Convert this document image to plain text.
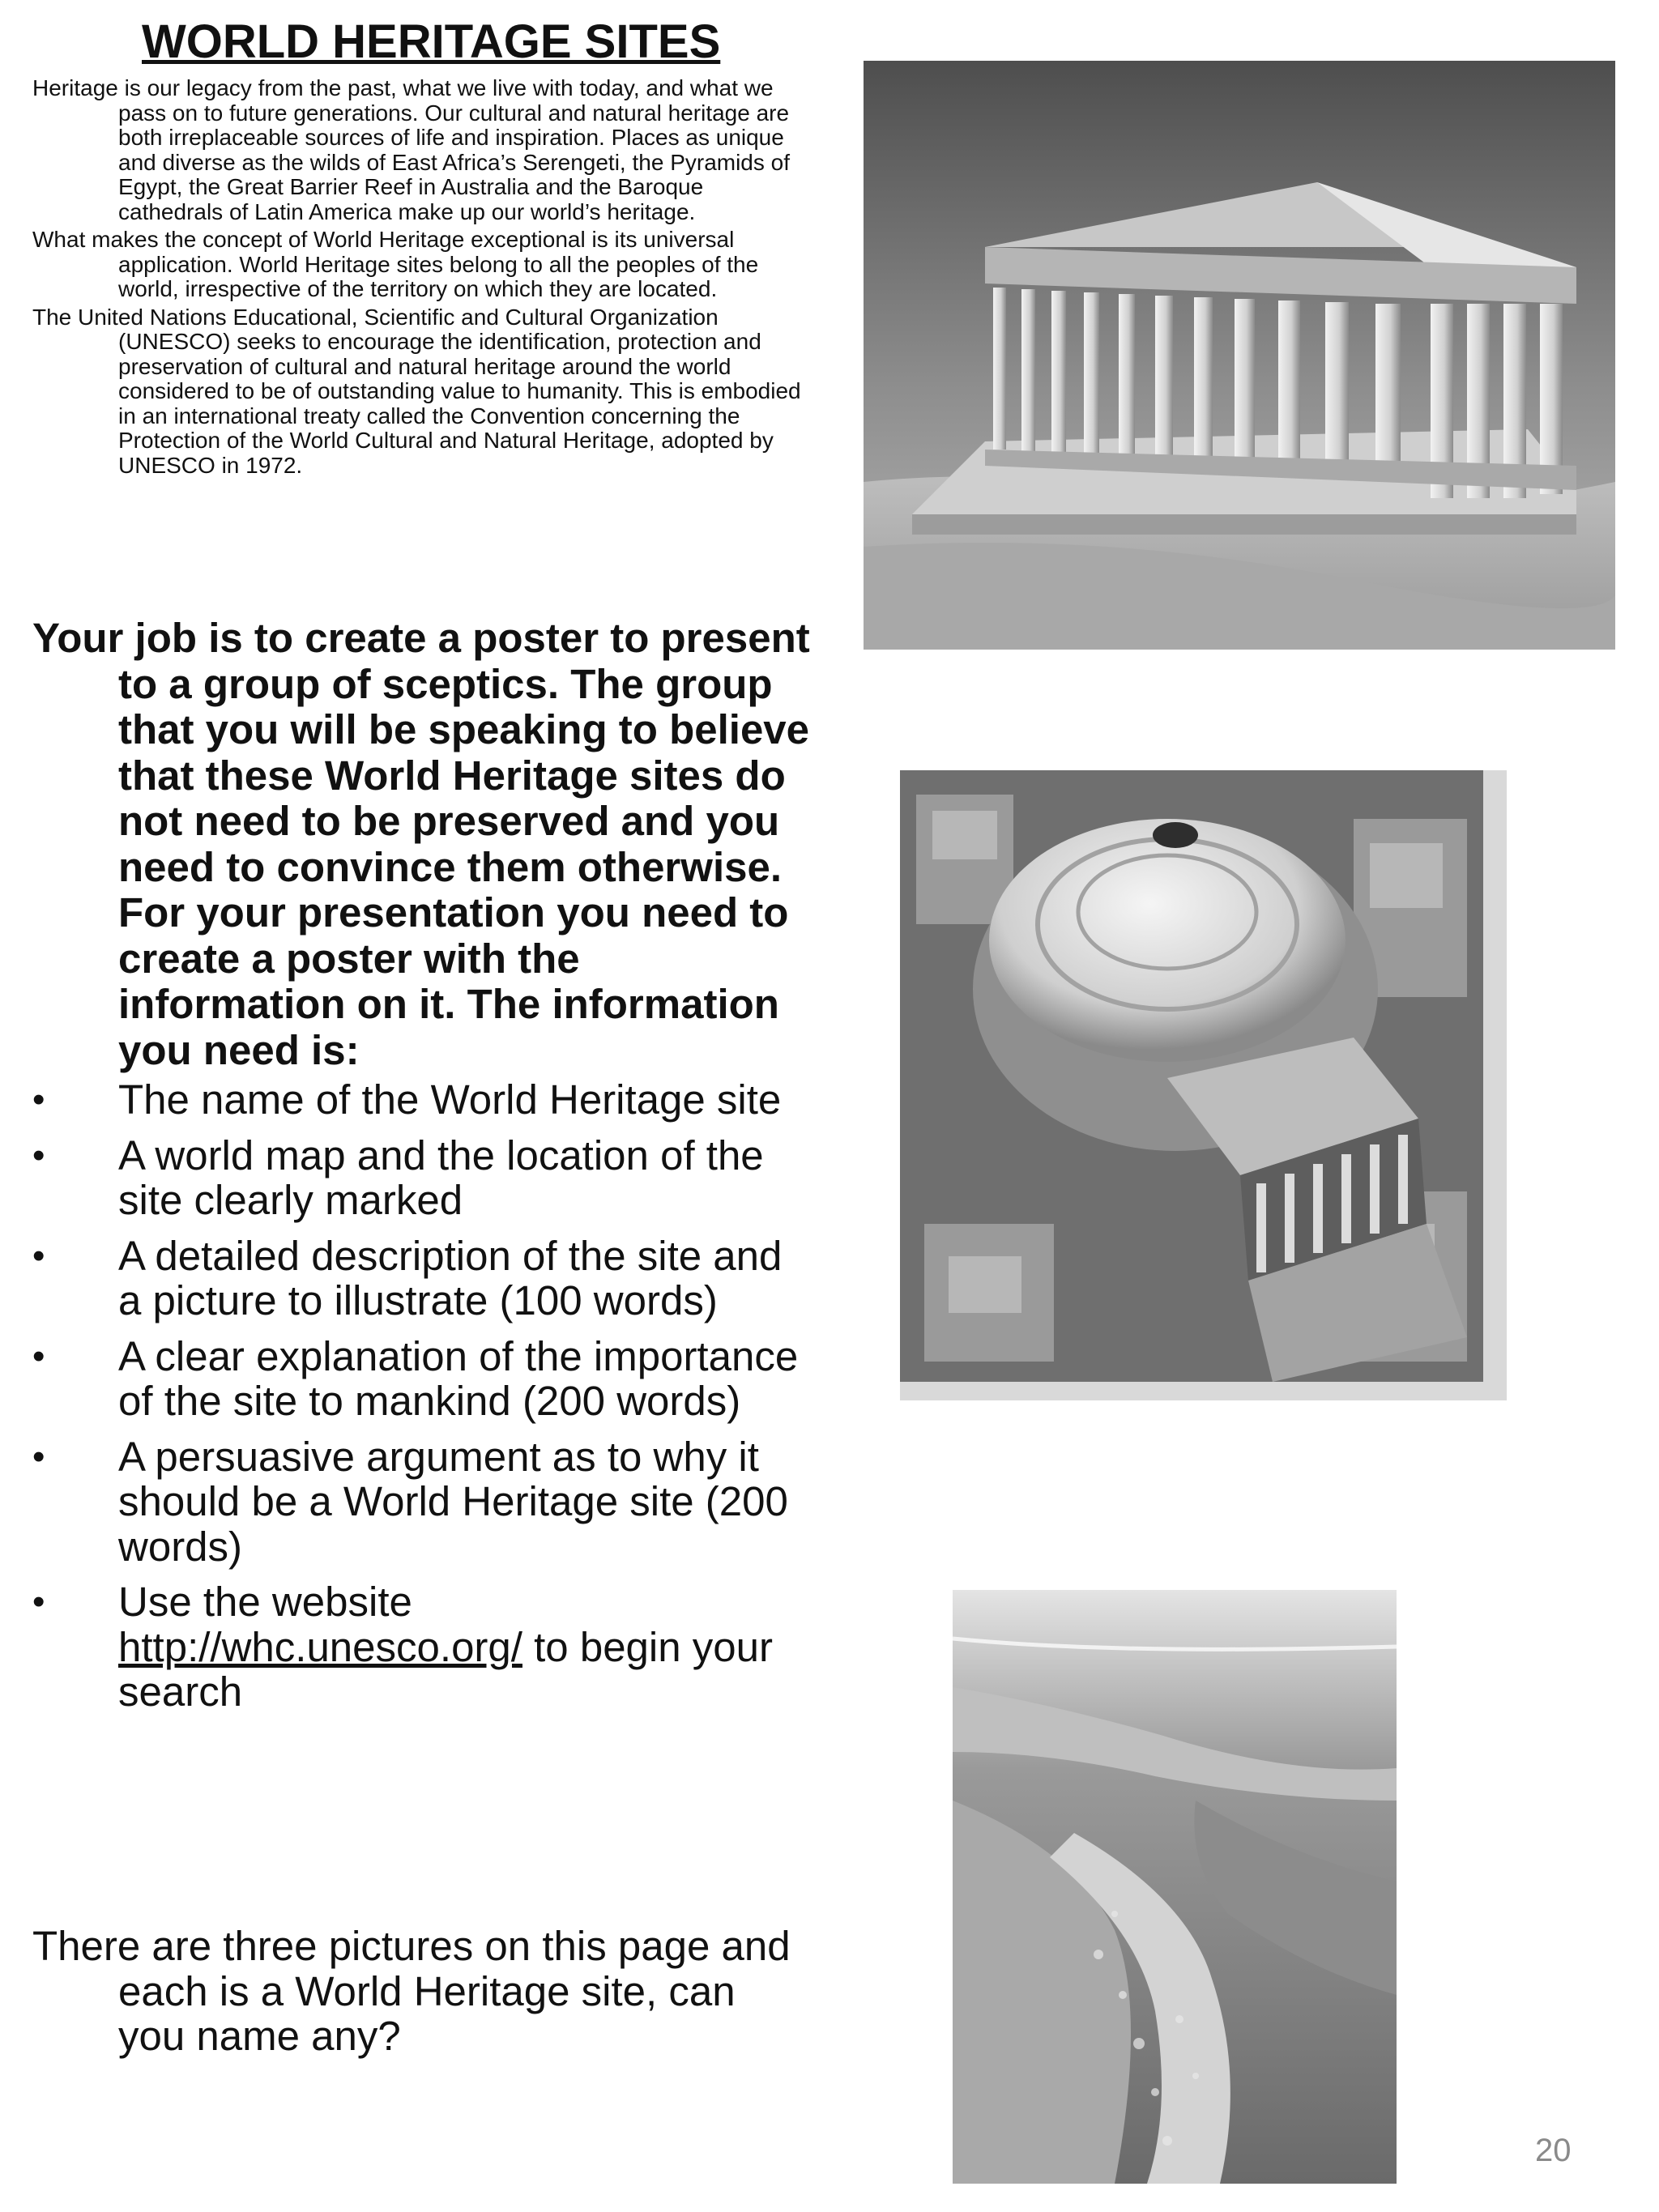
WORLD HERITAGE SITES

Heritage is our legacy from the past, what we live with today, and what we pass on to future generations. Our cultural and natural heritage are both irreplaceable sources of life and inspiration. Places as unique and diverse as the wilds of East Africa’s Serengeti, the Pyramids of Egypt, the Great Barrier Reef in Australia and the Baroque cathedrals of Latin America make up our world’s heritage.

What makes the concept of World Heritage exceptional is its universal application. World Heritage sites belong to all the peoples of the world, irrespective of the territory on which they are located.

The United Nations Educational, Scientific and Cultural Organization (UNESCO) seeks to encourage the identification, protection and preservation of cultural and natural heritage around the world considered to be of outstanding value to humanity. This is embodied in an international treaty called the Convention concerning the Protection of the World Cultural and Natural Heritage, adopted by UNESCO in 1972.

Your job is to create a poster to present to a group of sceptics. The group that you will be speaking to believe that these World Heritage sites do not need to be preserved and you need to convince them otherwise. For your presentation you need to create a poster with the information on it. The information you need is:

• The name of the World Heritage site
• A world map and the location of the site clearly marked
• A detailed description of the site and a picture to illustrate (100 words)
• A clear explanation of the importance of the site to mankind (200 words)
• A persuasive argument as to why it should be a World Heritage site (200 words)
• Use the website
http://whc.unesco.org/ to begin your search

There are three pictures on this page and each is a World Heritage site, can you name any?

20
